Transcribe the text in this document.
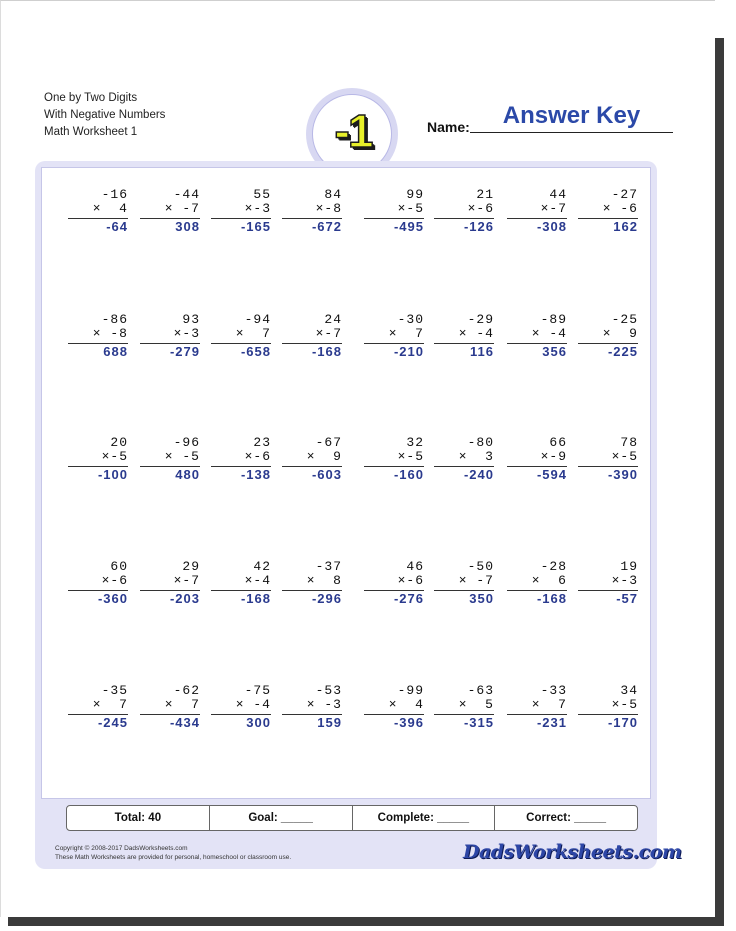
One by Two Digits
With Negative Numbers
Math Worksheet 1	-1	Name:	Answer Key
-16
×  4
-64
-44
× -7
308
55
×-3
-165
84
×-8
-672
99
×-5
-495
21
×-6
-126
44
×-7
-308
-27
× -6
162
-86
× -8
688
93
×-3
-279
-94
×  7
-658
24
×-7
-168
-30
×  7
-210
-29
× -4
116
-89
× -4
356
-25
×  9
-225
20
×-5
-100
-96
× -5
480
23
×-6
-138
-67
×  9
-603
32
×-5
-160
-80
×  3
-240
66
×-9
-594
78
×-5
-390
60
×-6
-360
29
×-7
-203
42
×-4
-168
-37
×  8
-296
46
×-6
-276
-50
× -7
350
-28
×  6
-168
19
×-3
-57
-35
×  7
-245
-62
×  7
-434
-75
× -4
300
-53
× -3
159
-99
×  4
-396
-63
×  5
-315
-33
×  7
-231
34
×-5
-170
Total: 40	Goal: _____	Complete: _____	Correct: _____
Copyright © 2008-2017 DadsWorksheets.com
These Math Worksheets are provided for personal, homeschool or classroom use.	DadsWorksheets.com
